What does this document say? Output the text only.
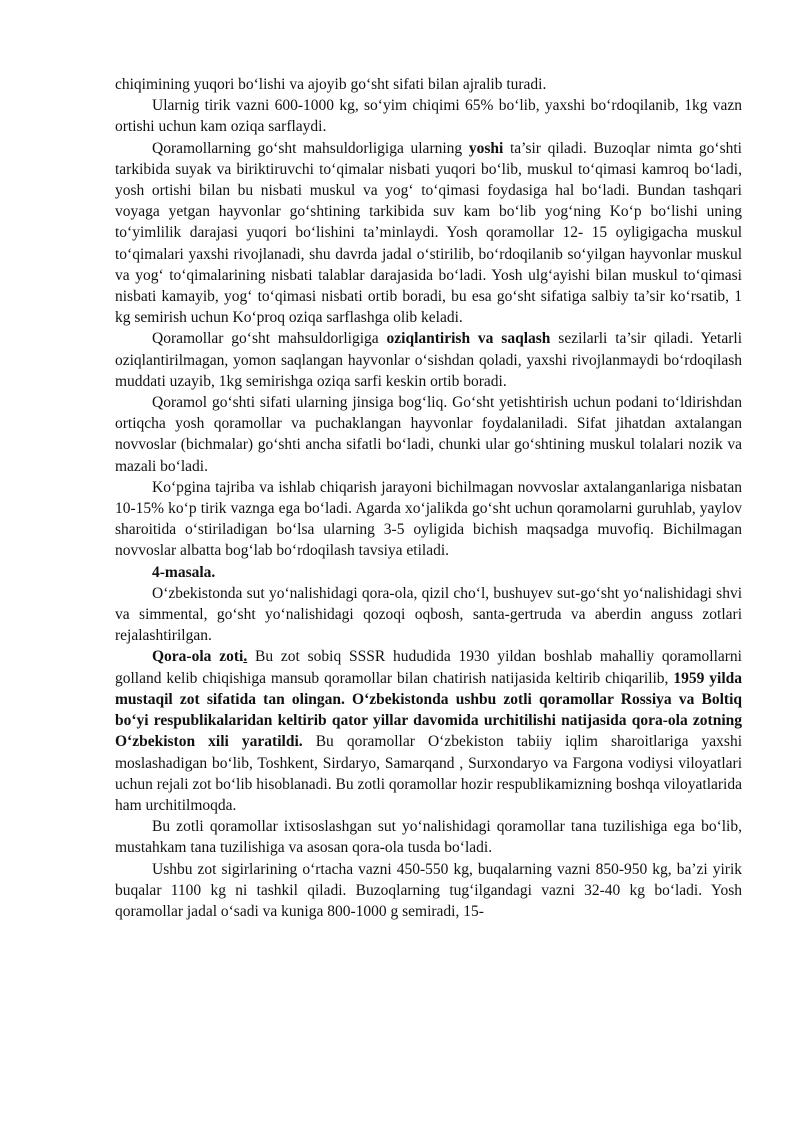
chiqimining yuqori bo‘lishi va ajoyib go‘sht sifati bilan ajralib turadi.

Ularnig tirik vazni 600-1000 kg, so‘yim chiqimi 65% bo‘lib, yaxshi bo‘rdoqilanib, 1kg vazn ortishi uchun kam oziqa sarflaydi.

Qoramollarning go‘sht mahsuldorligiga ularning yoshi ta’sir qiladi. Buzoqlar nimta go‘shti tarkibida suyak va biriktiruvchi to‘qimalar nisbati yuqori bo‘lib, muskul to‘qimasi kamroq bo‘ladi, yosh ortishi bilan bu nisbati muskul va yog‘ to‘qimasi foydasiga hal bo‘ladi. Bundan tashqari voyaga yetgan hayvonlar go‘shtining tarkibida suv kam bo‘lib yog‘ning Ko‘p bo‘lishi uning to‘yimlilik darajasi yuqori bo‘lishini ta’minlaydi. Yosh qoramollar 12- 15 oyligigacha muskul to‘qimalari yaxshi rivojlanadi, shu davrda jadal o‘stirilib, bo‘rdoqilanib so‘yilgan hayvonlar muskul va yog‘ to‘qimalarining nisbati talablar darajasida bo‘ladi. Yosh ulg‘ayishi bilan muskul to‘qimasi nisbati kamayib, yog‘ to‘qimasi nisbati ortib boradi, bu esa go‘sht sifatiga salbiy ta’sir ko‘rsatib, 1 kg semirish uchun Ko‘proq oziqa sarflashga olib keladi.

Qoramollar go‘sht mahsuldorligiga oziqlantirish va saqlash sezilarli ta’sir qiladi. Yetarli oziqlantirilmagan, yomon saqlangan hayvonlar o‘sishdan qoladi, yaxshi rivojlanmaydi bo‘rdoqilash muddati uzayib, 1kg semirishga oziqa sarfi keskin ortib boradi.

Qoramol go‘shti sifati ularning jinsiga bog‘liq. Go‘sht yetishtirish uchun podani to‘ldirishdan ortiqcha yosh qoramollar va puchaklangan hayvonlar foydalaniladi. Sifat jihatdan axtalangan novvoslar (bichmalar) go‘shti ancha sifatli bo‘ladi, chunki ular go‘shtining muskul tolalari nozik va mazali bo‘ladi.

Ko‘pgina tajriba va ishlab chiqarish jarayoni bichilmagan novvoslar axtalanganlariga nisbatan 10-15% ko‘p tirik vaznga ega bo‘ladi. Agarda xo‘jalikda go‘sht uchun qoramolarni guruhlab, yaylov sharoitida o‘stiriladigan bo‘lsa ularning 3-5 oyligida bichish maqsadga muvofiq. Bichilmagan novvoslar albatta bog‘lab bo‘rdoqilash tavsiya etiladi.

4-masala.

O‘zbekistonda sut yo‘nalishidagi qora-ola, qizil cho‘l, bushuyev sut-go‘sht yo‘nalishidagi shvi va simmental, go‘sht yo‘nalishidagi qozoqi oqbosh, santa-gertruda va aberdin anguss zotlari rejalashtirilgan.

Qora-ola zoti. Bu zot sobiq SSSR hududida 1930 yildan boshlab mahalliy qoramollarni golland kelib chiqishiga mansub qoramollar bilan chatirish natijasida keltirib chiqarilib, 1959 yilda mustaqil zot sifatida tan olingan. O‘zbekistonda ushbu zotli qoramollar Rossiya va Boltiq bo‘yi respublikalaridan keltirib qator yillar davomida urchitilishi natijasida qora-ola zotning O‘zbekiston xili yaratildi. Bu qoramollar O‘zbekiston tabiiy iqlim sharoitlariga yaxshi moslashadigan bo‘lib, Toshkent, Sirdaryo, Samarqand , Surxondaryo va Fargona vodiysi viloyatlari uchun rejali zot bo‘lib hisoblanadi. Bu zotli qoramollar hozir respublikamizning boshqa viloyatlarida ham urchitilmoqda.

Bu zotli qoramollar ixtisoslashgan sut yo‘nalishidagi qoramollar tana tuzilishiga ega bo‘lib, mustahkam tana tuzilishiga va asosan qora-ola tusda bo‘ladi.

Ushbu zot sigirlarining o‘rtacha vazni 450-550 kg, buqalarning vazni 850-950 kg, ba’zi yirik buqalar 1100 kg ni tashkil qiladi. Buzoqlarning tug‘ilgandagi vazni 32-40 kg bo‘ladi. Yosh qoramollar jadal o‘sadi va kuniga 800-1000 g semiradi, 15-
